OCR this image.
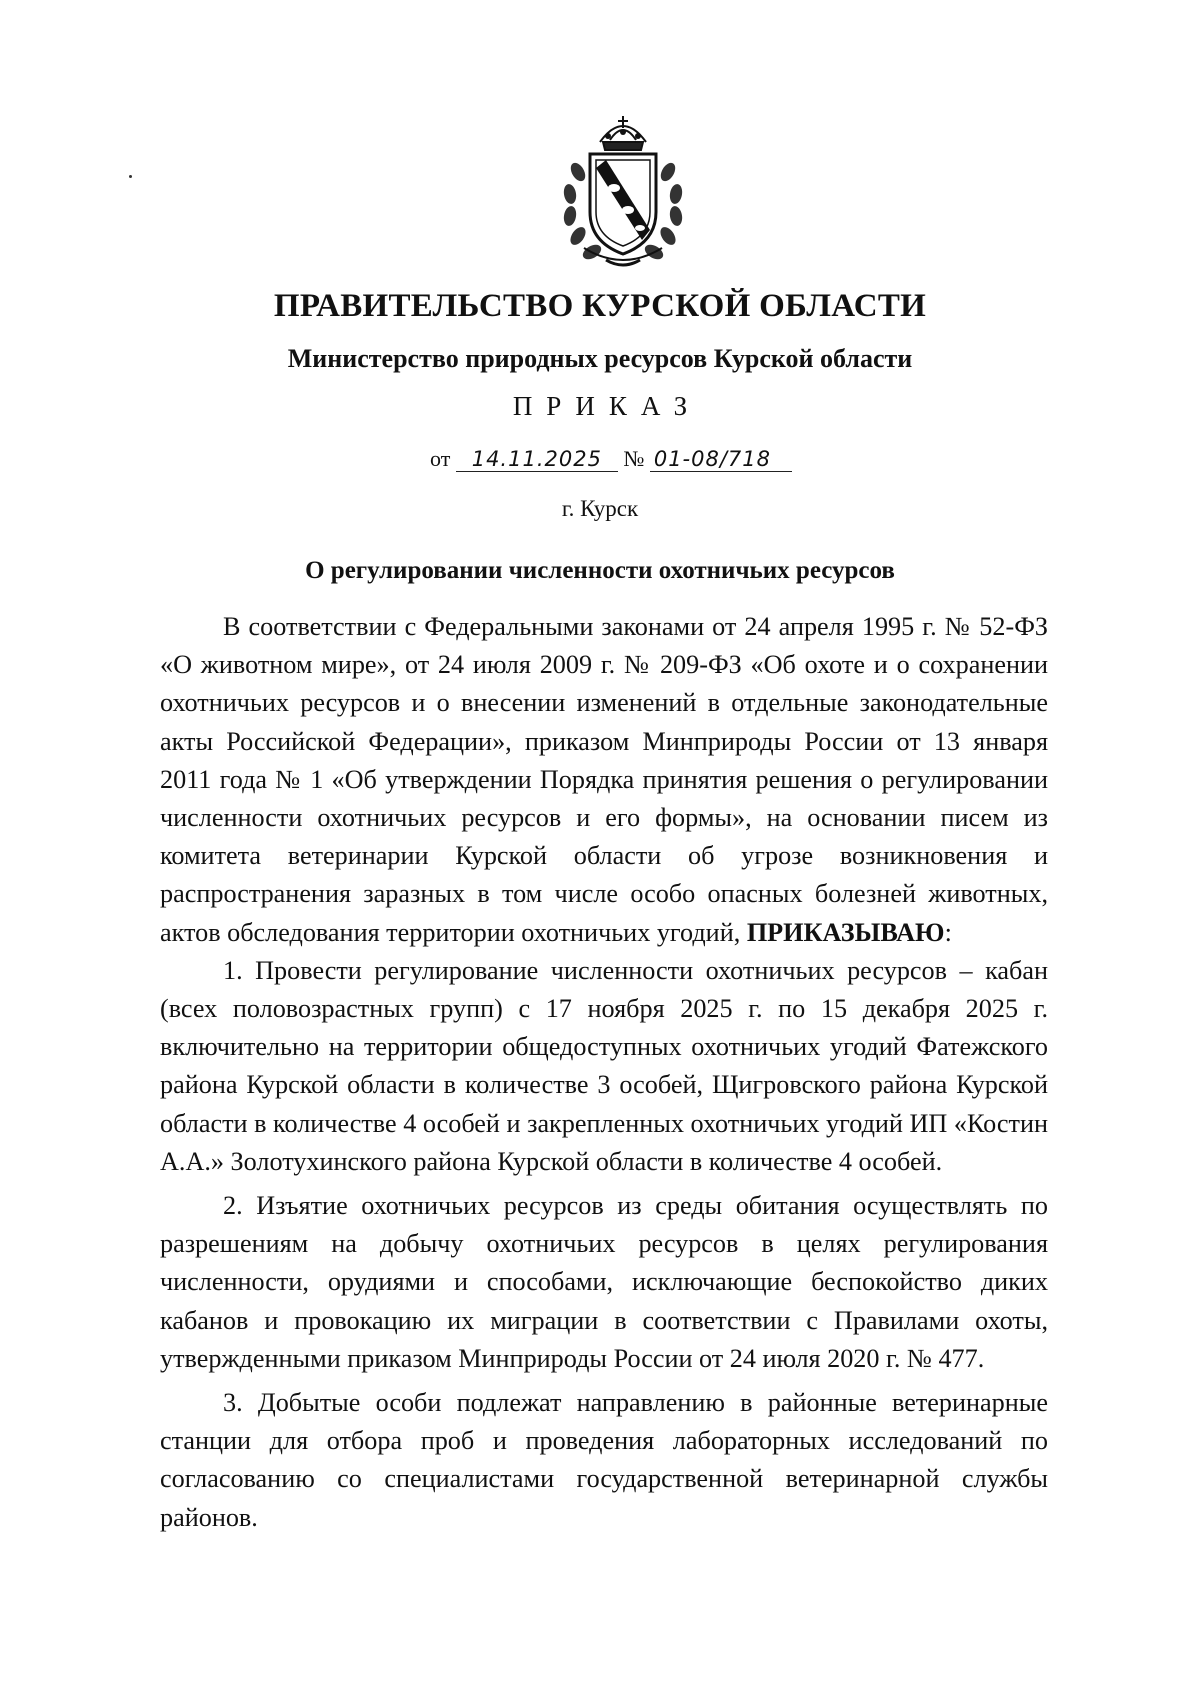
ПРАВИТЕЛЬСТВО КУРСКОЙ ОБЛАСТИ
Министерство природных ресурсов Курской области
ПРИКАЗ
от 14.11.2025 № 01-08/718
г. Курск
О регулировании численности охотничьих ресурсов

В соответствии с Федеральными законами от 24 апреля 1995 г. № 52-ФЗ «О животном мире», от 24 июля 2009 г. № 209-ФЗ «Об охоте и о сохранении охотничьих ресурсов и о внесении изменений в отдельные законодательные акты Российской Федерации», приказом Минприроды России от 13 января 2011 года № 1 «Об утверждении Порядка принятия решения о регулировании численности охотничьих ресурсов и его формы», на основании писем из комитета ветеринарии Курской области об угрозе возникновения и распространения заразных в том числе особо опасных болезней животных, актов обследования территории охотничьих угодий, ПРИКАЗЫВАЮ:

1. Провести регулирование численности охотничьих ресурсов – кабан (всех половозрастных групп) с 17 ноября 2025 г. по 15 декабря 2025 г. включительно на территории общедоступных охотничьих угодий Фатежского района Курской области в количестве 3 особей, Щигровского района Курской области в количестве 4 особей и закрепленных охотничьих угодий ИП «Костин А.А.» Золотухинского района Курской области в количестве 4 особей.

2. Изъятие охотничьих ресурсов из среды обитания осуществлять по разрешениям на добычу охотничьих ресурсов в целях регулирования численности, орудиями и способами, исключающие беспокойство диких кабанов и провокацию их миграции в соответствии с Правилами охоты, утвержденными приказом Минприроды России от 24 июля 2020 г. № 477.

3. Добытые особи подлежат направлению в районные ветеринарные станции для отбора проб и проведения лабораторных исследований по согласованию со специалистами государственной ветеринарной службы районов.
